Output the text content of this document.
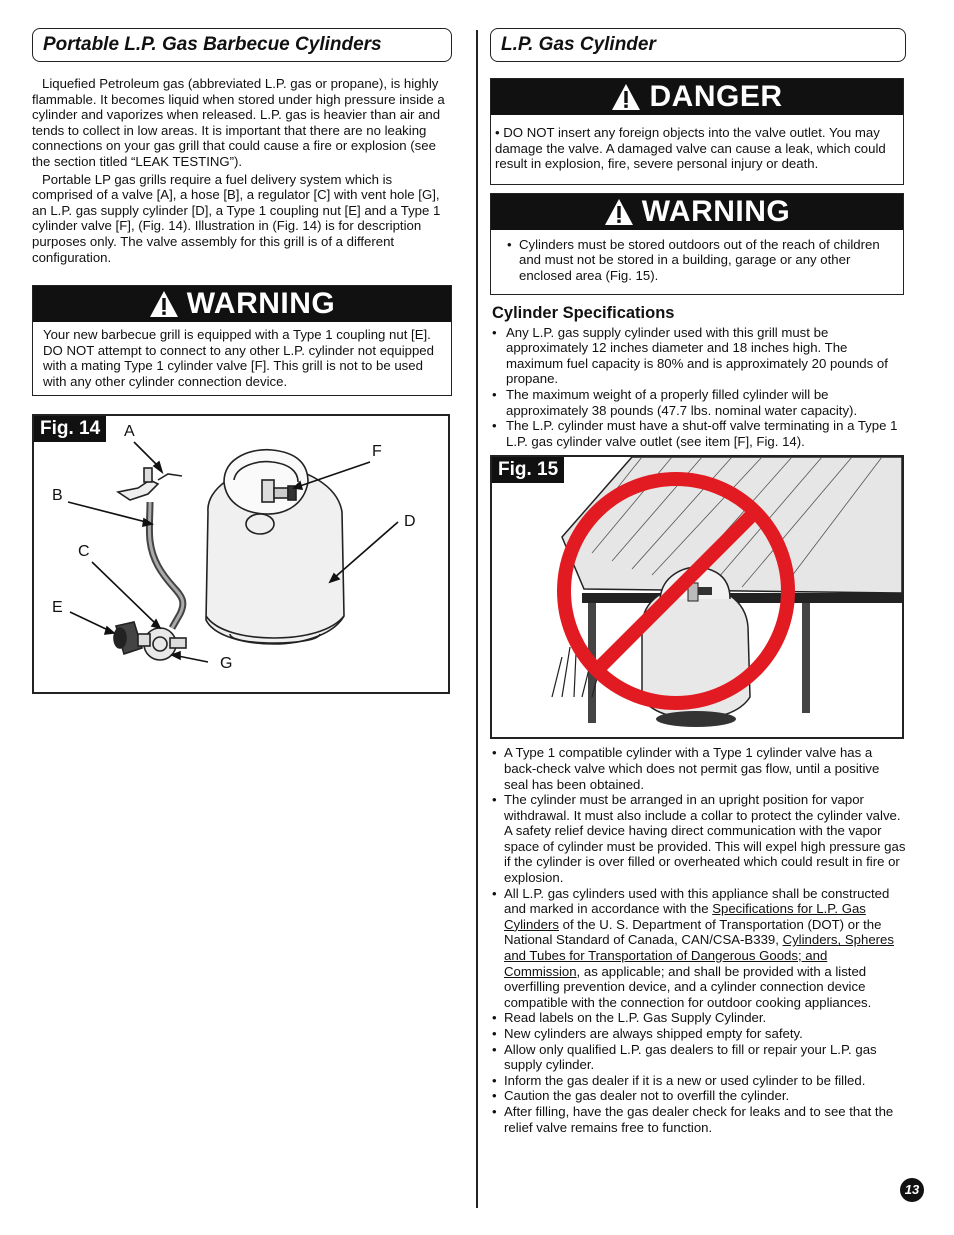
Portable L.P. Gas Barbecue Cylinders

Liquefied Petroleum gas (abbreviated L.P. gas or propane), is highly flammable. It becomes liquid when stored under high pressure inside a cylinder and vaporizes when released. L.P. gas is heavier than air and tends to collect in low areas. It is important that there are no leaking connections on your gas grill that could cause a fire or explosion (see the section titled “LEAK TESTING”).

Portable LP gas grills require a fuel delivery system which is comprised of a valve [A], a hose [B], a regulator [C] with vent hole [G], an L.P. gas supply cylinder [D], a Type 1 coupling nut [E] and a Type 1 cylinder valve [F], (Fig. 14). Illustration in (Fig. 14) is for description purposes only. The valve assembly for this grill is of a different configuration.

WARNING
Your new barbecue grill is equipped with a Type 1 coupling nut [E]. DO NOT attempt to connect to any other L.P. cylinder not equipped with a mating Type 1 cylinder valve [F]. This grill is not to be used with any other cylinder connection device.
Fig. 14	A
B
C
D
E
F
G
L.P. Gas Cylinder
DANGER
• DO NOT insert any foreign objects into the valve outlet. You may damage the valve. A damaged valve can cause a leak, which could result in explosion, fire, severe personal injury or death.
WARNING
• Cylinders must be stored outdoors out of the reach of children and must not be stored in a building, garage or any other enclosed area (Fig. 15).
Cylinder Specifications
• Any L.P. gas supply cylinder used with this grill must be approximately 12 inches diameter and 18 inches high. The maximum fuel capacity is 80% and is approximately 20 pounds of propane.
• The maximum weight of a properly filled cylinder will be approximately 38 pounds (47.7 lbs. nominal water capacity).
• The L.P. cylinder must have a shut-off valve terminating in a Type 1 L.P. gas cylinder valve outlet (see item [F], Fig. 14).
Fig. 15
• A Type 1 compatible cylinder with a Type 1 cylinder valve has a back-check valve which does not permit gas flow, until a positive seal has been obtained.
• The cylinder must be arranged in an upright position for vapor withdrawal. It must also include a collar to protect the cylinder valve. A safety relief device having direct communication with the vapor space of cylinder must be provided. This will expel high pressure gas if the cylinder is over filled or overheated which could result in fire or explosion.
• All L.P. gas cylinders used with this appliance shall be constructed and marked in accordance with the Specifications for L.P. Gas Cylinders of the U. S. Department of Transportation (DOT) or the National Standard of Canada, CAN/CSA-B339, Cylinders, Spheres and Tubes for Transportation of Dangerous Goods; and Commission, as applicable; and shall be provided with a listed overfilling prevention device, and a cylinder connection device compatible with the connection for outdoor cooking appliances.
• Read labels on the L.P. Gas Supply Cylinder.
• New cylinders are always shipped empty for safety.
• Allow only qualified L.P. gas dealers to fill or repair your L.P. gas supply cylinder.
• Inform the gas dealer if it is a new or used cylinder to be filled.
• Caution the gas dealer not to overfill the cylinder.
• After filling, have the gas dealer check for leaks and to see that the relief valve remains free to function.
13
